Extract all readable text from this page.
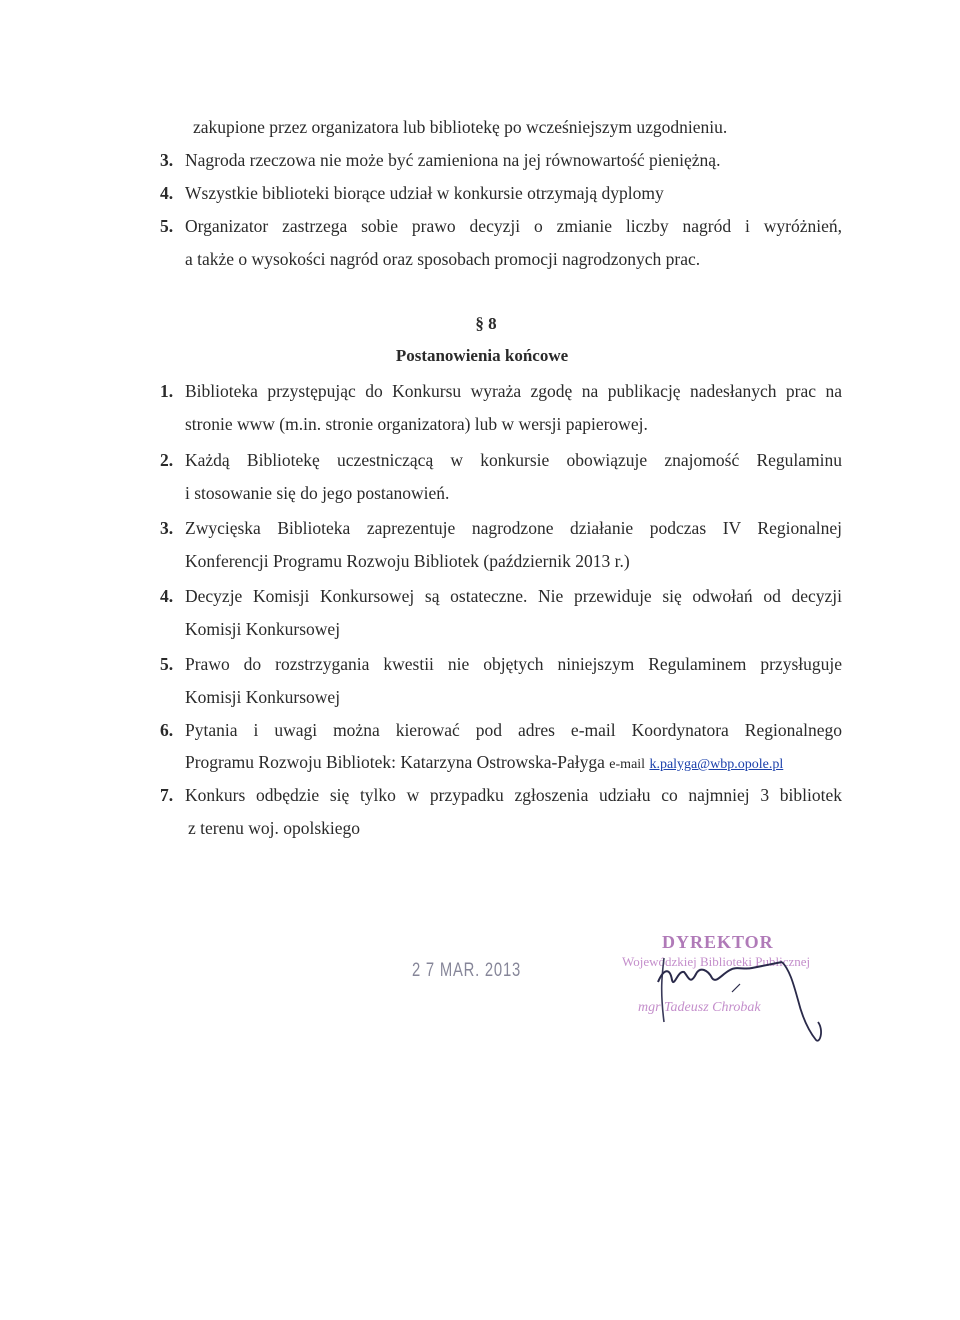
zakupione przez organizatora lub bibliotekę po wcześniejszym uzgodnieniu.
3. Nagroda rzeczowa nie może być zamieniona na jej równowartość pieniężną.
4. Wszystkie biblioteki biorące udział w konkursie otrzymają dyplomy
5. Organizator zastrzega sobie prawo decyzji o zmianie liczby nagród i wyróżnień,
a także o wysokości nagród oraz sposobach promocji nagrodzonych prac.
§ 8
Postanowienia końcowe
1. Biblioteka przystępując do Konkursu wyraża zgodę na publikację nadesłanych prac na
stronie www (m.in. stronie organizatora) lub w wersji papierowej.
2. Każdą Bibliotekę uczestniczącą w konkursie obowiązuje znajomość Regulaminu
i stosowanie się do jego postanowień.
3. Zwycięska Biblioteka zaprezentuje nagrodzone działanie podczas IV Regionalnej
Konferencji Programu Rozwoju Bibliotek (październik 2013 r.)
4. Decyzje Komisji Konkursowej są ostateczne. Nie przewiduje się odwołań od decyzji
Komisji Konkursowej
5. Prawo do rozstrzygania kwestii nie objętych niniejszym Regulaminem przysługuje
Komisji Konkursowej
6. Pytania i uwagi można kierować pod adres e-mail Koordynatora Regionalnego
Programu Rozwoju Bibliotek: Katarzyna Ostrowska-Pałyga e-mail k.palyga@wbp.opole.pl
7. Konkurs odbędzie się tylko w przypadku zgłoszenia udziału co najmniej 3 bibliotek
z terenu woj. opolskiego
2 7 MAR. 2013
DYREKTOR
Wojewódzkiej Biblioteki Publicznej
mgr Tadeusz Chrobak
